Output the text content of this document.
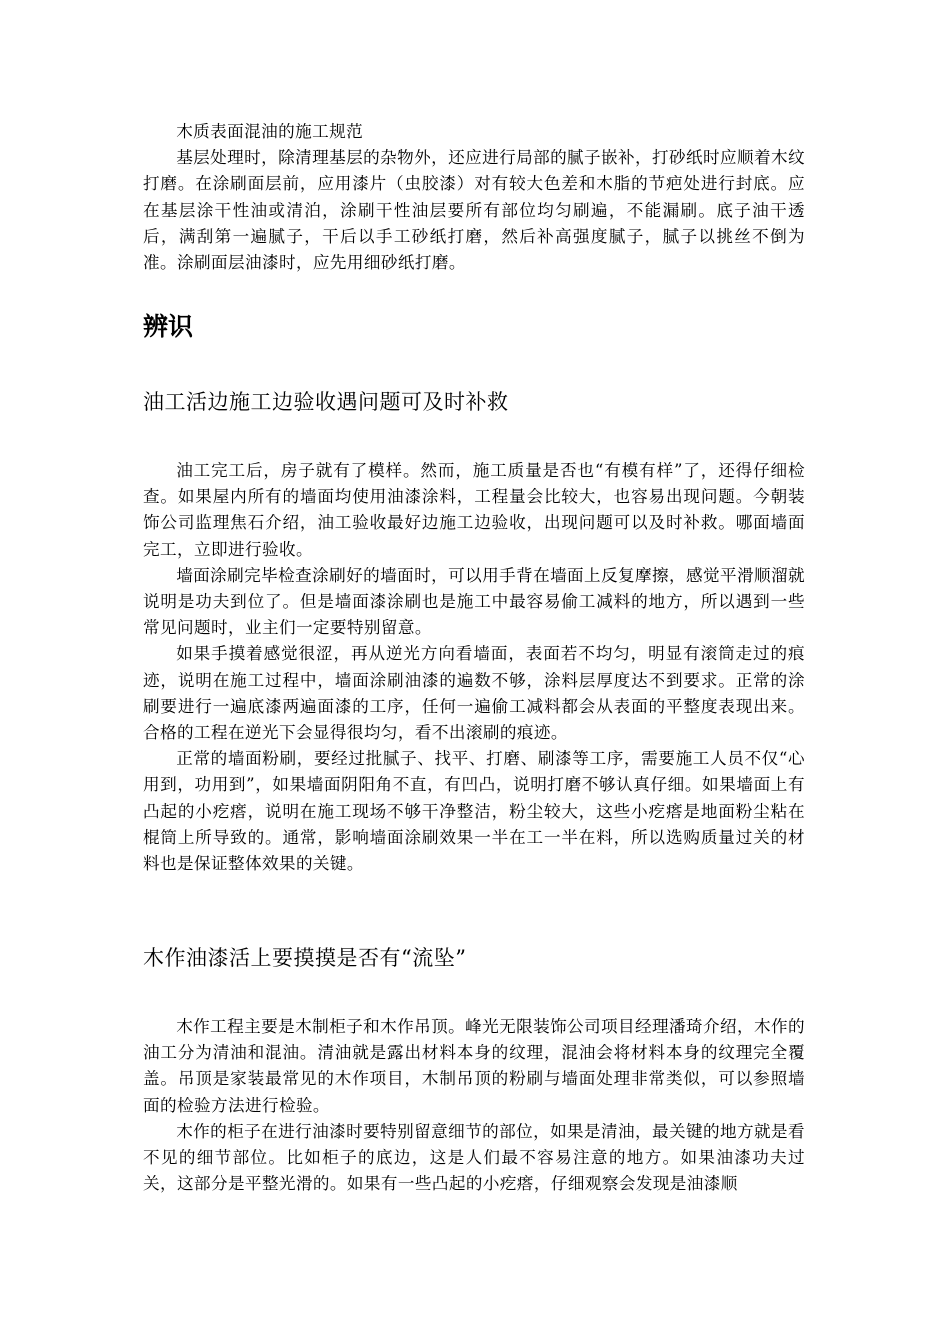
木质表面混油的施工规范

基层处理时，除清理基层的杂物外，还应进行局部的腻子嵌补，打砂纸时应顺着木纹打磨。在涂刷面层前，应用漆片（虫胶漆）对有较大色差和木脂的节疤处进行封底。应在基层涂干性油或清泊，涂刷干性油层要所有部位均匀刷遍，不能漏刷。底子油干透后，满刮第一遍腻子，干后以手工砂纸打磨，然后补高强度腻子，腻子以挑丝不倒为准。涂刷面层油漆时，应先用细砂纸打磨。

辨识
油工活边施工边验收遇问题可及时补救

油工完工后，房子就有了模样。然而，施工质量是否也“有模有样”了，还得仔细检查。如果屋内所有的墙面均使用油漆涂料，工程量会比较大，也容易出现问题。今朝装饰公司监理焦石介绍，油工验收最好边施工边验收，出现问题可以及时补救。哪面墙面完工，立即进行验收。

墙面涂刷完毕检查涂刷好的墙面时，可以用手背在墙面上反复摩擦，感觉平滑顺溜就说明是功夫到位了。但是墙面漆涂刷也是施工中最容易偷工减料的地方，所以遇到一些常见问题时，业主们一定要特别留意。

如果手摸着感觉很涩，再从逆光方向看墙面，表面若不均匀，明显有滚筒走过的痕迹，说明在施工过程中，墙面涂刷油漆的遍数不够，涂料层厚度达不到要求。正常的涂刷要进行一遍底漆两遍面漆的工序，任何一遍偷工减料都会从表面的平整度表现出来。合格的工程在逆光下会显得很均匀，看不出滚刷的痕迹。

正常的墙面粉刷，要经过批腻子、找平、打磨、刷漆等工序，需要施工人员不仅“心用到，功用到”，如果墙面阴阳角不直，有凹凸，说明打磨不够认真仔细。如果墙面上有凸起的小疙瘩，说明在施工现场不够干净整洁，粉尘较大，这些小疙瘩是地面粉尘粘在棍筒上所导致的。通常，影响墙面涂刷效果一半在工一半在料，所以选购质量过关的材料也是保证整体效果的关键。

木作油漆活上要摸摸是否有“流坠”

木作工程主要是木制柜子和木作吊顶。峰光无限装饰公司项目经理潘琦介绍，木作的油工分为清油和混油。清油就是露出材料本身的纹理，混油会将材料本身的纹理完全覆盖。吊顶是家装最常见的木作项目，木制吊顶的粉刷与墙面处理非常类似，可以参照墙面的检验方法进行检验。

木作的柜子在进行油漆时要特别留意细节的部位，如果是清油，最关键的地方就是看不见的细节部位。比如柜子的底边，这是人们最不容易注意的地方。如果油漆功夫过关，这部分是平整光滑的。如果有一些凸起的小疙瘩，仔细观察会发现是油漆顺
